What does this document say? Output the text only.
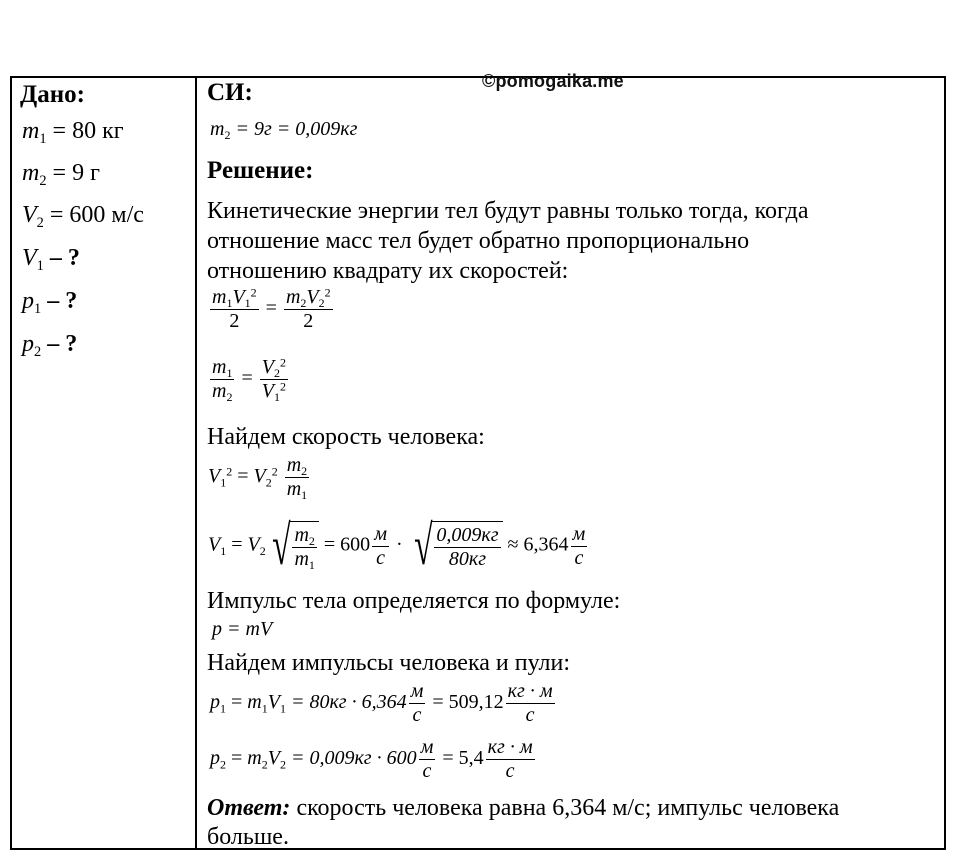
©pomogaika.me
Дано:
$m_1 = 80$ кг
$m_2 = 9$ г
$V_2 = 600$ м/с
$V_1$ – ?
$p_1$ – ?
$p_2$ – ?
СИ:
$m_2 = 9г = 0,009кг$
Решение:
Кинетические энергии тел будут равны только тогда, когда
отношение масс тел будет обратно пропорционально
отношению квадрату их скоростей:
$\frac{m_1V_1^2}{2} = \frac{m_2V_2^2}{2}$
$\frac{m_1}{m_2} = \frac{V_2^2}{V_1^2}$
Найдем скорость человека:
$V_1^2 = V_2^2 \frac{m_2}{m_1}$
$V_1 = V_2$ √ $\frac{m_2}{m_1} = 600 \frac{м}{с}$ · √ $\frac{0,009кг}{80кг} \approx 6,364 \frac{м}{с}$
Импульс тела определяется по формуле:
p = mV
Найдем импульсы человека и пули:
$p_1 = m_1V_1 = 80кг \cdot 6,364 \frac{м}{с} = 509,12 \frac{кг \cdot м}{с}$
$p_2 = m_2V_2 = 0,009кг \cdot 600 \frac{м}{с} = 5,4 \frac{кг \cdot м}{с}$
Ответ: скорость человека равна 6,364 м/с; импульс человека
больше.
